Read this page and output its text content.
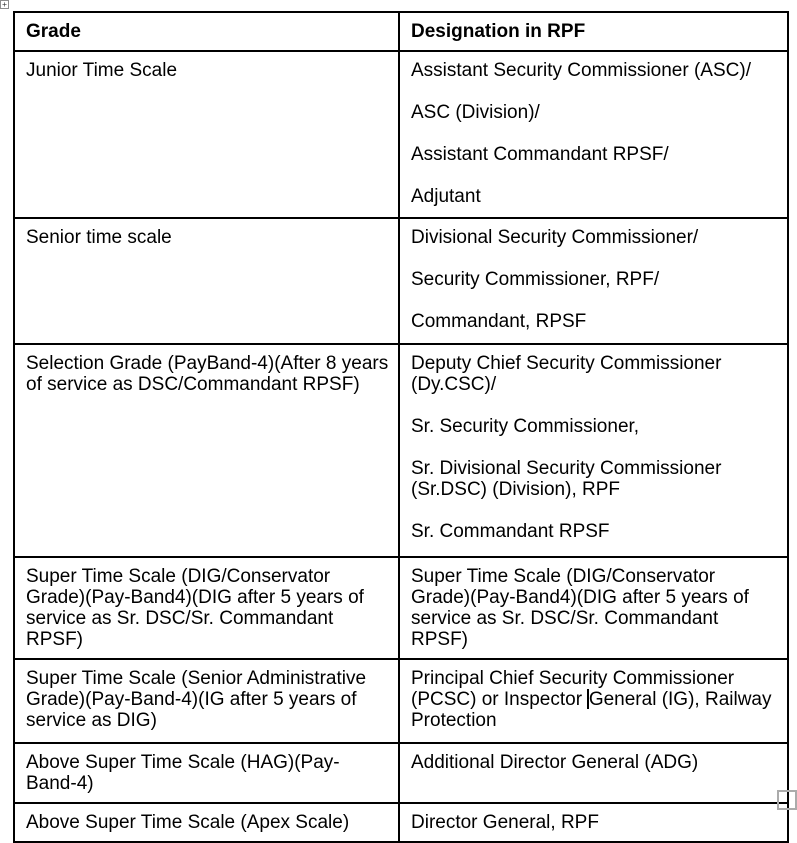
+
Grade	Designation in RPF

Junior Time Scale	Assistant Security Commissioner (ASC)/

ASC (Division)/

Assistant Commandant RPSF/

Adjutant

Senior time scale	Divisional Security Commissioner/

Security Commissioner, RPF/

Commandant, RPSF

Selection Grade (PayBand-4)(After 8 years of service as DSC/Commandant RPSF)	Deputy Chief Security Commissioner (Dy.CSC)/

Sr. Security Commissioner,

Sr. Divisional Security Commissioner (Sr.DSC) (Division), RPF

Sr. Commandant RPSF

Super Time Scale (DIG/Conservator Grade)(Pay-Band4)(DIG after 5 years of service as Sr. DSC/Sr. Commandant RPSF)	Super Time Scale (DIG/Conservator Grade)(Pay-Band4)(DIG after 5 years of service as Sr. DSC/Sr. Commandant RPSF)

Super Time Scale (Senior Administrative Grade)(Pay-Band-4)(IG after 5 years of service as DIG)	Principal Chief Security Commissioner (PCSC) or Inspector General (IG), Railway Protection

Above Super Time Scale (HAG)(Pay-Band-4)	Additional Director General (ADG)

Above Super Time Scale (Apex Scale)	Director General, RPF
